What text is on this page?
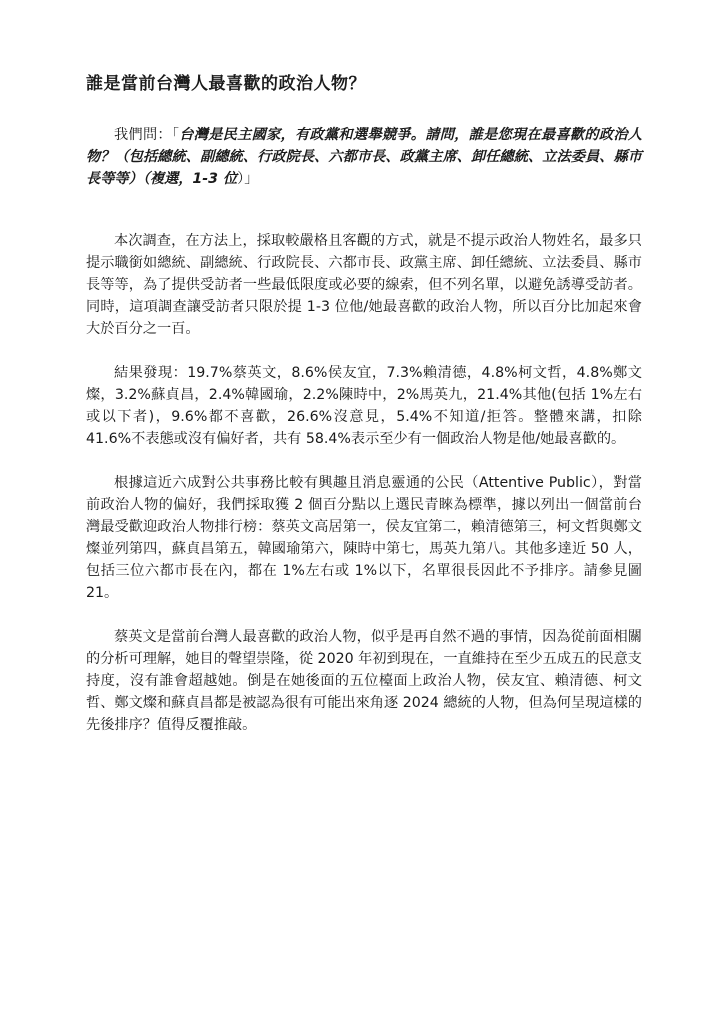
誰是當前台灣人最喜歡的政治人物？

我們問：「台灣是民主國家，有政黨和選舉競爭。請問，誰是您現在最喜歡的政治人物？（包括總統、副總統、行政院長、六都市長、政黨主席、卸任總統、立法委員、縣市長等等）（複選，1-3 位）」

本次調查，在方法上，採取較嚴格且客觀的方式，就是不提示政治人物姓名，最多只提示職銜如總統、副總統、行政院長、六都市長、政黨主席、卸任總統、立法委員、縣市長等等，為了提供受訪者一些最低限度或必要的線索，但不列名單，以避免誘導受訪者。同時，這項調查讓受訪者只限於提 1-3 位他/她最喜歡的政治人物，所以百分比加起來會大於百分之一百。

結果發現：19.7%蔡英文，8.6%侯友宜，7.3%賴清德，4.8%柯文哲，4.8%鄭文燦，3.2%蘇貞昌，2.4%韓國瑜，2.2%陳時中，2%馬英九，21.4%其他(包括 1%左右或以下者)，9.6%都不喜歡，26.6%沒意見，5.4%不知道/拒答。整體來講，扣除 41.6%不表態或沒有偏好者，共有 58.4%表示至少有一個政治人物是他/她最喜歡的。

根據這近六成對公共事務比較有興趣且消息靈通的公民（Attentive Public），對當前政治人物的偏好，我們採取獲 2 個百分點以上選民青睞為標準，據以列出一個當前台灣最受歡迎政治人物排行榜：蔡英文高居第一，侯友宜第二，賴清德第三，柯文哲與鄭文燦並列第四，蘇貞昌第五，韓國瑜第六，陳時中第七，馬英九第八。其他多達近 50 人，包括三位六都市長在內，都在 1%左右或 1%以下，名單很長因此不予排序。請參見圖 21。

蔡英文是當前台灣人最喜歡的政治人物，似乎是再自然不過的事情，因為從前面相關的分析可理解，她目的聲望崇隆，從 2020 年初到現在，一直維持在至少五成五的民意支持度，沒有誰會超越她。倒是在她後面的五位檯面上政治人物，侯友宜、賴清德、柯文哲、鄭文燦和蘇貞昌都是被認為很有可能出來角逐 2024 總統的人物，但為何呈現這樣的先後排序？值得反覆推敲。
